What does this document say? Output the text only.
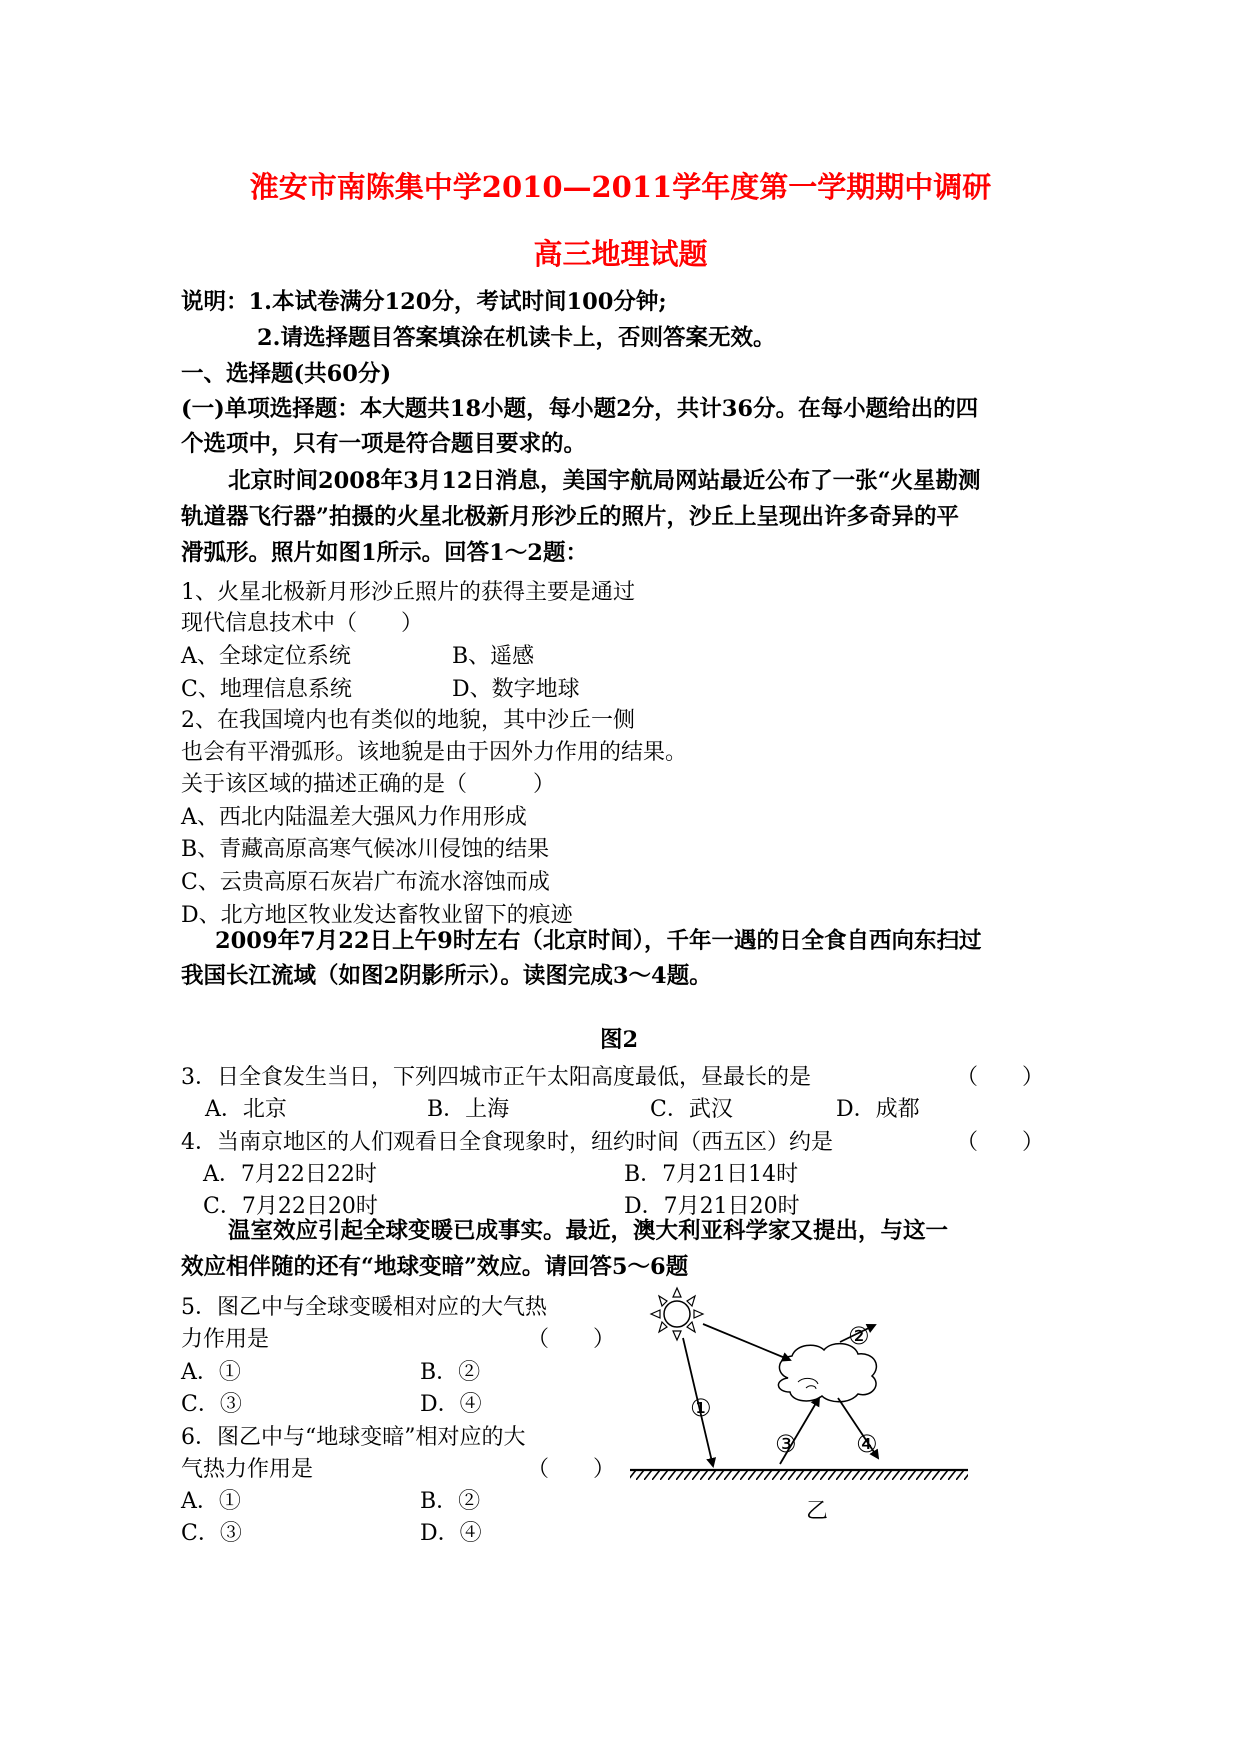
淮安市南陈集中学2010—2011学年度第一学期期中调研
高三地理试题
说明：1.本试卷满分120分，考试时间100分钟;
2.请选择题目答案填涂在机读卡上，否则答案无效。
一、选择题(共60分)
(一)单项选择题：本大题共18小题，每小题2分，共计36分。在每小题给出的四
个选项中，只有一项是符合题目要求的。
北京时间2008年3月12日消息，美国宇航局网站最近公布了一张“火星勘测
轨道器飞行器”拍摄的火星北极新月形沙丘的照片，沙丘上呈现出许多奇异的平
滑弧形。照片如图1所示。回答1～2题：
1、火星北极新月形沙丘照片的获得主要是通过
现代信息技术中（　　）
A、全球定位系统	B、遥感
C、地理信息系统	D、数字地球
2、在我国境内也有类似的地貌，其中沙丘一侧
也会有平滑弧形。该地貌是由于因外力作用的结果。
关于该区域的描述正确的是（　　　）
A、西北内陆温差大强风力作用形成
B、青藏高原高寒气候冰川侵蚀的结果
C、云贵高原石灰岩广布流水溶蚀而成
D、北方地区牧业发达畜牧业留下的痕迹
2009年7月22日上午9时左右（北京时间），千年一遇的日全食自西向东扫过
我国长江流域（如图2阴影所示）。读图完成3～4题。
图2
3．日全食发生当日，下列四城市正午太阳高度最低，昼最长的是	（　　）
A．北京	B．上海	C．武汉	D．成都
4．当南京地区的人们观看日全食现象时，纽约时间（西五区）约是	（　　）
A．7月22日22时	B．7月21日14时
C．7月22日20时	D．7月21日20时
温室效应引起全球变暖已成事实。最近，澳大利亚科学家又提出，与这一
效应相伴随的还有“地球变暗”效应。请回答5～6题
5．图乙中与全球变暖相对应的大气热
力作用是	（　　）
A．①	B．②
C．③	D．④
6．图乙中与“地球变暗”相对应的大
气热力作用是	（　　）
A．①	B．②
C．③	D．④
①
②
③ ④
乙
